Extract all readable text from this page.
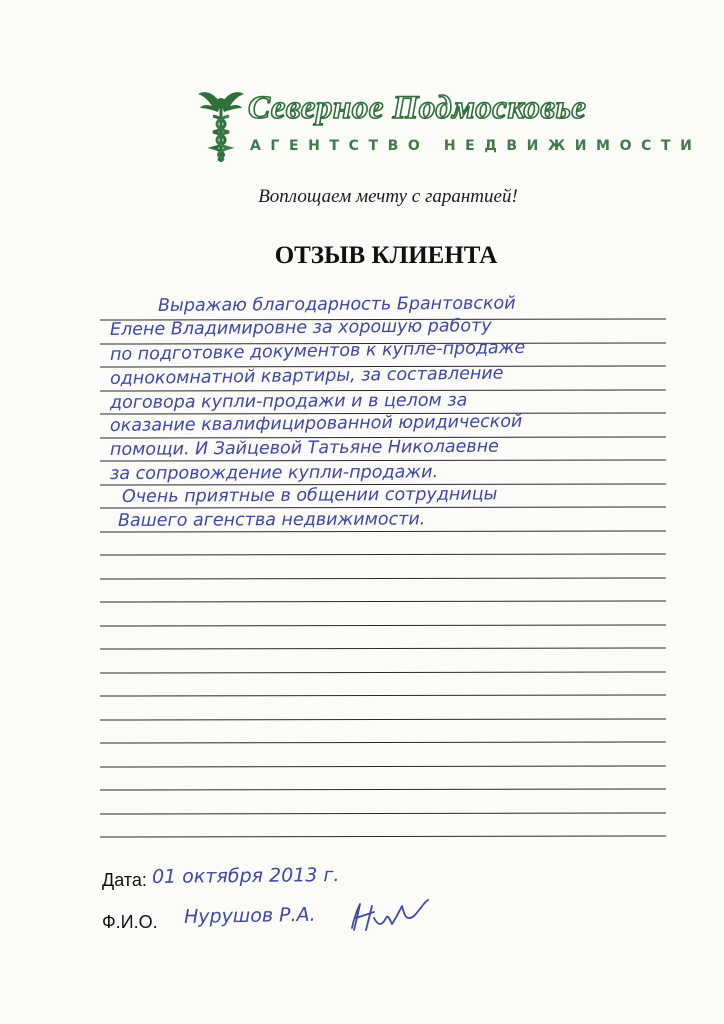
Северное Подмосковье
АГЕНТСТВО НЕДВИЖИМОСТИ
Воплощаем мечту с гарантией!
ОТЗЫВ КЛИЕНТА
Выражаю благодарность Брантовской
Елене Владимировне за хорошую работу
по подготовке документов к купле-продаже
однокомнатной квартиры, за составление
договора купли-продажи и в целом за
оказание квалифицированной юридической
помощи. И Зайцевой Татьяне Николаевне
за сопровождение купли-продажи.
Очень приятные в общении сотрудницы
Вашего агенства недвижимости.
Дата: 01 октября 2013 г.
Ф.И.О. Нурушов Р.А.
